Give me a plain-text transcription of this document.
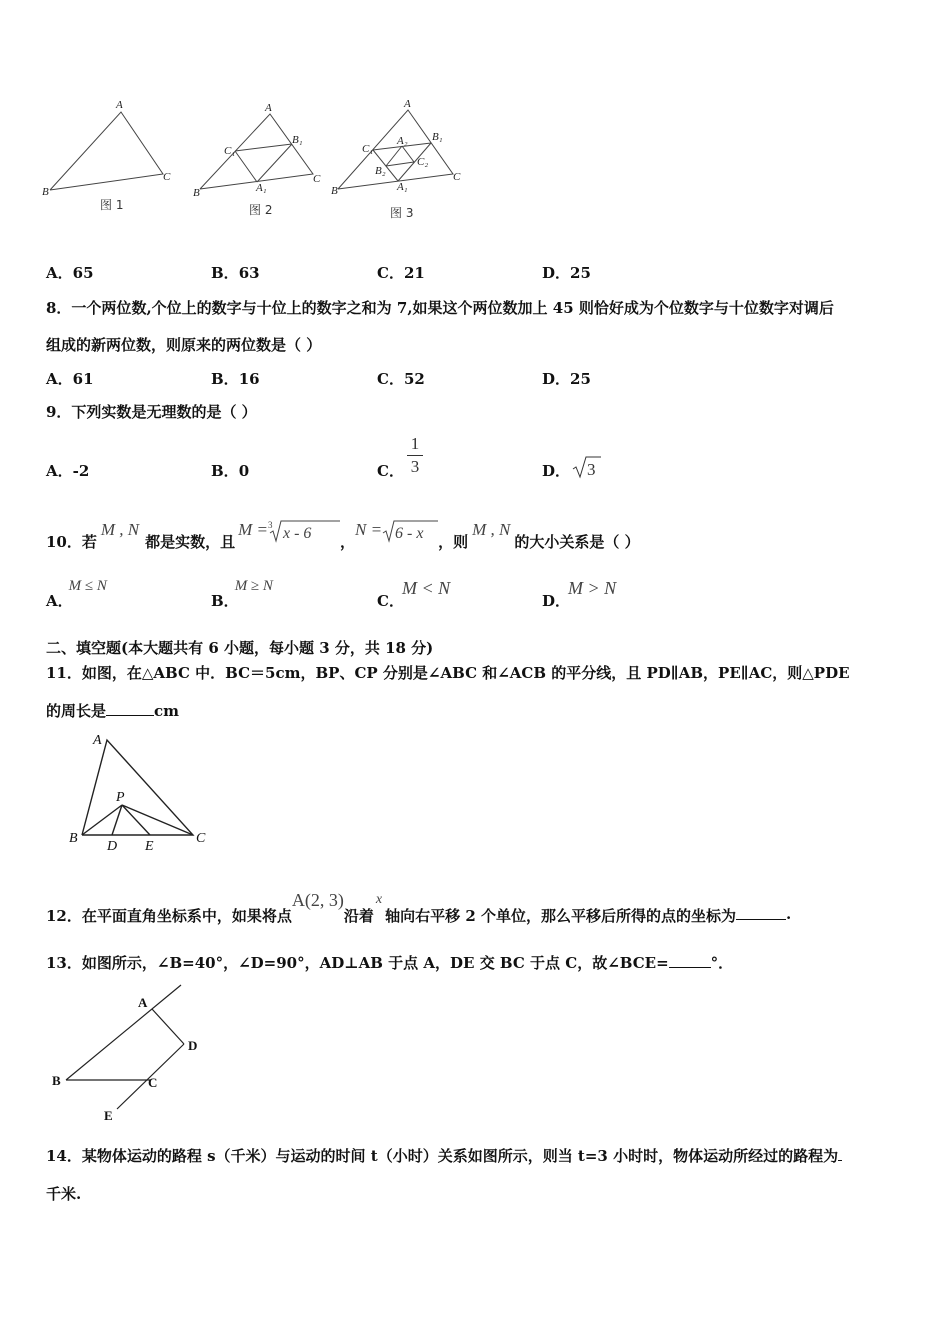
A
B
C
A
B
C
C₁
B₁
A₁
A
B
C
C₁
B₁
A₁
A₂
B₂
C₂
图 1	图 2	图 3
A．65	B．63	C．21	D．25
8．一个两位数,个位上的数字与十位上的数字之和为 7,如果这个两位数加上 45 则恰好成为个位数字与十位数字对调后
组成的新两位数，则原来的两位数是（ ）
A．61	B．16	C．52	D．25
9．下列实数是无理数的是（ ）
A．-2	B．0	C．
1
3	D． 3
10．若
M , N
都是实数，且
M = 3 x - 6 ，
N = 6 - x ，则
M , N
的大小关系是（ ）
A．
M ≤ N
B．
M ≥ N
C．
M < N
D．
M > N
二、填空题(本大题共有 6 小题，每小题 3 分，共 18 分)
11．如图，在△ABC 中．BC＝5cm，BP、CP 分别是∠ABC 和∠ACB 的平分线，且 PD∥AB，PE∥AC，则△PDE
的周长是	cm
A
P
B	C
D E
12．在平面直角坐标系中，如果将点
A(2, 3)
沿着
x
轴向右平移 2 个单位，那么平移后所得的点的坐标为	.
13．如图所示，∠B=40°，∠D=90°，AD⊥AB 于点 A，DE 交 BC 于点 C，故∠BCE=	°．
A
D
B	C
E
14．某物体运动的路程 s（千米）与运动的时间 t（小时）关系如图所示，则当 t=3 小时时，物体运动所经过的路程为
千米.
